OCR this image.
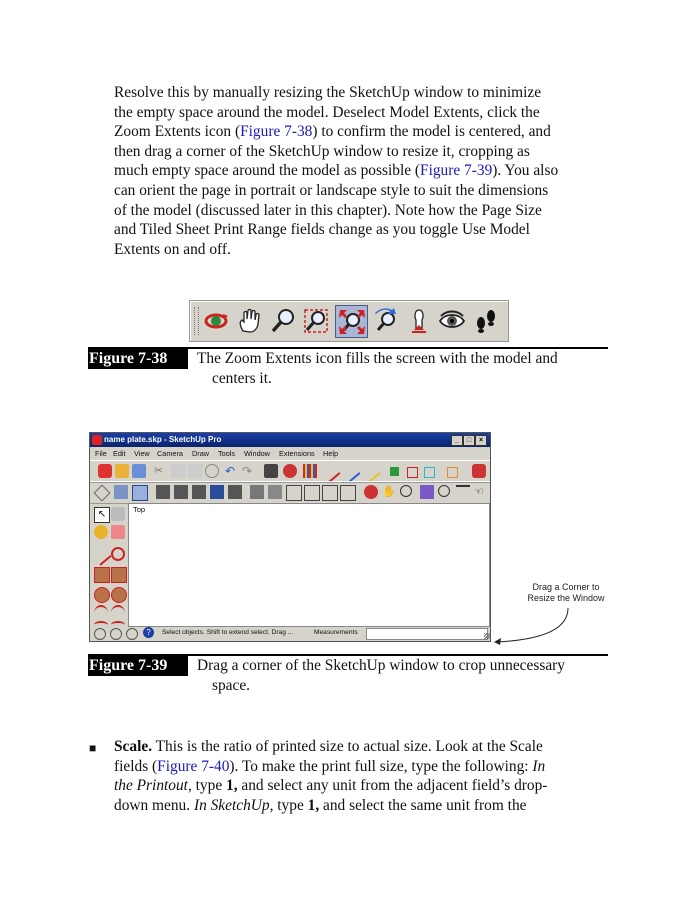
Resolve this by manually resizing the SketchUp window to minimize
the empty space around the model. Deselect Model Extents, click the
Zoom Extents icon (Figure 7-38) to confirm the model is centered, and
then drag a corner of the SketchUp window to resize it, cropping as
much empty space around the model as possible (Figure 7-39). You also
can orient the page in portrait or landscape style to suit the dimensions
of the model (discussed later in this chapter). Note how the Page Size
and Tiled Sheet Print Range fields change as you toggle Use Model
Extents on and off.
Figure 7-38	The Zoom Extents icon fills the screen with the model and
centers it.
name plate.skp - SketchUp Pro	_	□	×
File Edit View Camera Draw Tools Window Extensions Help
✂	↶ ↷
✋	☜
↖	Top
?	Select objects. Shift to extend select. Drag ...	Measurements
Drag a Corner to
Resize the Window
Figure 7-39	Drag a corner of the SketchUp window to crop unnecessary
space.
■ Scale. This is the ratio of printed size to actual size. Look at the Scale
fields (Figure 7-40). To make the print full size, type the following: In
the Printout, type 1, and select any unit from the adjacent field’s drop-
down menu. In SketchUp, type 1, and select the same unit from the
